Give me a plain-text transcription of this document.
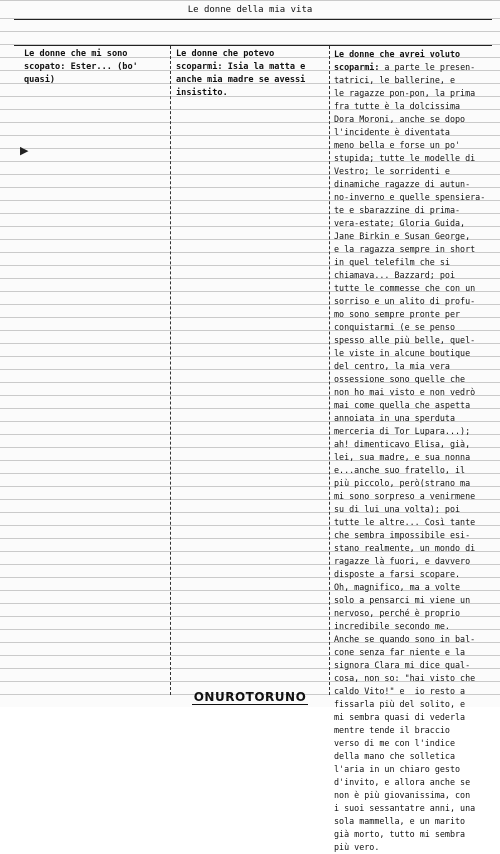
Le donne della mia vita
Le donne che mi sono
scopato: Ester... (bo'
quasi)
Le donne che potevo
scoparmi: Isia la matta e
anche mia madre se avessi
insistito.
Le donne che avrei voluto
scoparmi: a parte le presen-
tatrici, le ballerine, e
le ragazze pon-pon, la prima
fra tutte è la dolcissima
Dora Moroni, anche se dopo
l'incidente è diventata
meno bella e forse un po'
stupida; tutte le modelle di
Vestro; le sorridenti e
dinamiche ragazze di autun-
no-inverno e quelle spensiera-
te e sbarazzine di prima-
vera-estate; Gloria Guida,
Jane Birkin e Susan George,
e la ragazza sempre in short
in quel telefilm che si
chiamava... Bazzard; poi
tutte le commesse che con un
sorriso e un alito di profu-
mo sono sempre pronte per
conquistarmi (e se penso
spesso alle più belle, quel-
le viste in alcune boutique
del centro, la mia vera
ossessione sono quelle che
non ho mai visto e non vedrò
mai come quella che aspetta
annoiata in una sperduta
merceria di Tor Lupara...);
ah! dimenticavo Elisa, già,
lei, sua madre, e sua nonna
e...anche suo fratello, il
più piccolo, però(strano ma
mi sono sorpreso a venirmene
su di lui una volta); poi
tutte le altre... Così tante
che sembra impossibile esi-
stano realmente, un mondo di
ragazze là fuori, e davvero
disposte a farsi scopare.
Oh, magnifico, ma a volte
solo a pensarci mi viene un
nervoso, perché è proprio
incredibile secondo me.
Anche se quando sono in bal-
cone senza far niente e la
signora Clara mi dice qual-
cosa, non so: "hai visto che
caldo Vito!" e  io resto a
fissarla più del solito, e
mi sembra quasi di vederla
mentre tende il braccio
verso di me con l'indice
della mano che solletica
l'aria in un chiaro gesto
d'invito, e allora anche se
non è più giovanissima, con
i suoi sessantatre anni, una
sola mammella, e un marito
già morto, tutto mi sembra
più vero.
▶
ONUROTORUNO
